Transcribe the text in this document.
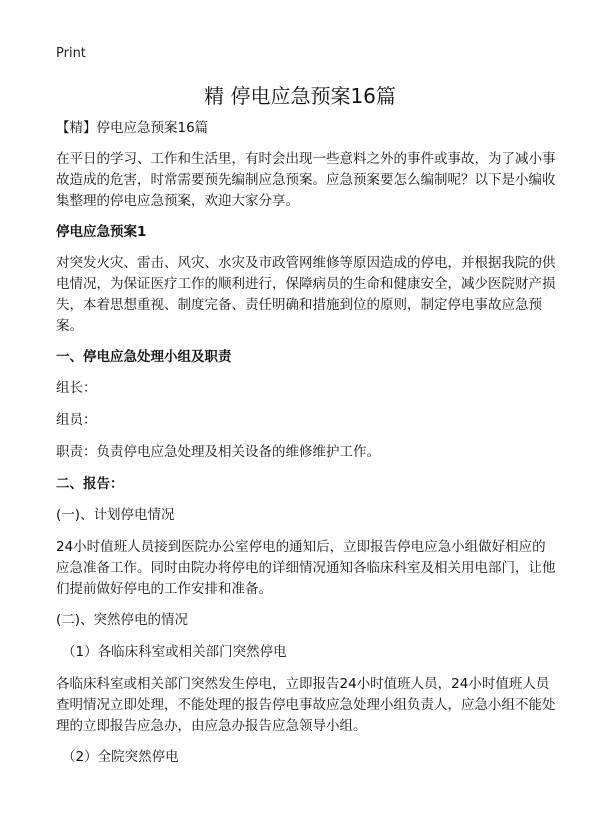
Print
精 停电应急预案16篇

【精】停电应急预案16篇

在平日的学习、工作和生活里，有时会出现一些意料之外的事件或事故，为了减小事故造成的危害，时常需要预先编制应急预案。应急预案要怎么编制呢？以下是小编收集整理的停电应急预案，欢迎大家分享。

停电应急预案1

对突发火灾、雷击、风灾、水灾及市政管网维修等原因造成的停电，并根据我院的供电情况，为保证医疗工作的顺利进行，保障病员的生命和健康安全，减少医院财产损失，本着思想重视、制度完备、责任明确和措施到位的原则，制定停电事故应急预案。

一、停电应急处理小组及职责

组长：

组员：

职责：负责停电应急处理及相关设备的维修维护工作。

二、报告：

(一)、计划停电情况

24小时值班人员接到医院办公室停电的通知后，立即报告停电应急小组做好相应的应急准备工作。同时由院办将停电的详细情况通知各临床科室及相关用电部门，让他们提前做好停电的工作安排和准备。

(二)、突然停电的情况

（1）各临床科室或相关部门突然停电

各临床科室或相关部门突然发生停电，立即报告24小时值班人员，24小时值班人员查明情况立即处理，不能处理的报告停电事故应急处理小组负责人，应急小组不能处理的立即报告应急办，由应急办报告应急领导小组。

（2）全院突然停电
